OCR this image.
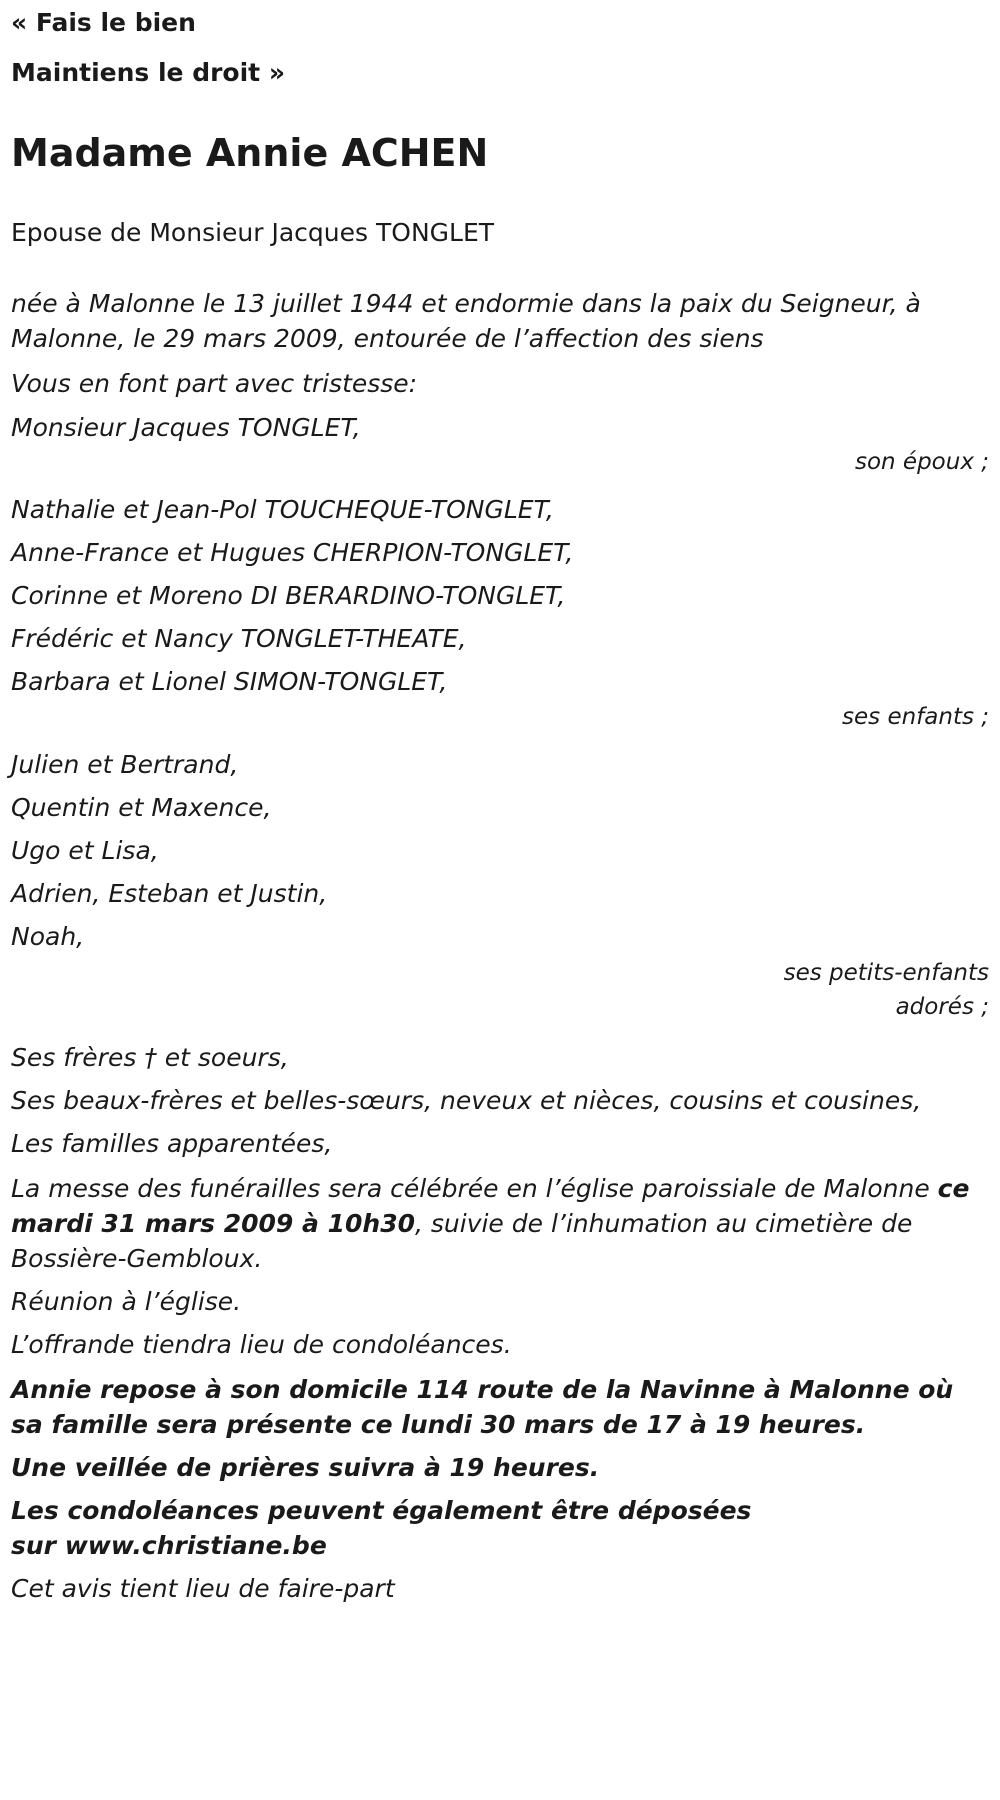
« Fais le bien

Maintiens le droit »

Madame Annie ACHEN

Epouse de Monsieur Jacques TONGLET

née à Malonne le 13 juillet 1944 et endormie dans la paix du Seigneur, à Malonne, le 29 mars 2009, entourée de l’affection des siens

Vous en font part avec tristesse:

Monsieur Jacques TONGLET,

son époux ;

Nathalie et Jean-Pol TOUCHEQUE-TONGLET,

Anne-France et Hugues CHERPION-TONGLET,

Corinne et Moreno DI BERARDINO-TONGLET,

Frédéric et Nancy TONGLET-THEATE,

Barbara et Lionel SIMON-TONGLET,

ses enfants ;

Julien et Bertrand,

Quentin et Maxence,

Ugo et Lisa,

Adrien, Esteban et Justin,

Noah,

ses petits-enfants

adorés ;

Ses frères † et soeurs,

Ses beaux-frères et belles-sœurs, neveux et nièces, cousins et cousines,

Les familles apparentées,

La messe des funérailles sera célébrée en l’église paroissiale de Malonne ce mardi 31 mars 2009 à 10h30, suivie de l’inhumation au cimetière de Bossière-Gembloux.

Réunion à l’église.

L’offrande tiendra lieu de condoléances.

Annie repose à son domicile 114 route de la Navinne à Malonne où sa famille sera présente ce lundi 30 mars de 17 à 19 heures.

Une veillée de prières suivra à 19 heures.

Les condoléances peuvent également être déposées sur www.christiane.be

Cet avis tient lieu de faire-part
